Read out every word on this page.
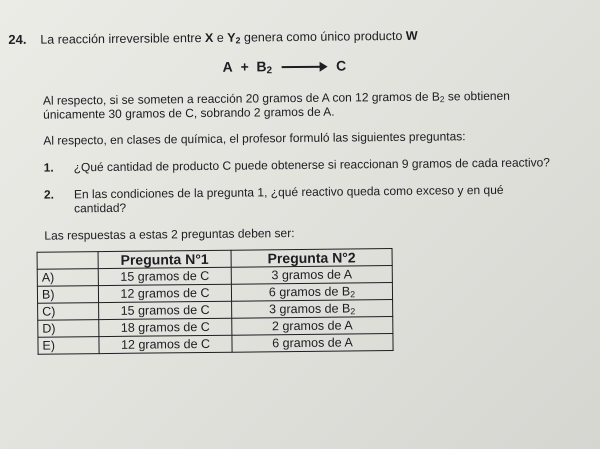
24. La reacción irreversible entre X e $Y_2$ genera como único producto W
$A + B_2$	C
Al respecto, si se someten a reacción 20 gramos de A con 12 gramos de $B_2$ se obtienen
únicamente 30 gramos de C, sobrando 2 gramos de A.
Al respecto, en clases de química, el profesor formuló las siguientes preguntas:
1. ¿Qué cantidad de producto C puede obtenerse si reaccionan 9 gramos de cada reactivo?
2. En las condiciones de la pregunta 1, ¿qué reactivo queda como exceso y en qué
cantidad?
Las respuestas a estas 2 preguntas deben ser:
	Pregunta N°1	Pregunta N°2
A)	15 gramos de C	3 gramos de A
B)	12 gramos de C	6 gramos de $B_2$
C)	15 gramos de C	3 gramos de $B_2$
D)	18 gramos de C	2 gramos de A
E)	12 gramos de C	6 gramos de A
